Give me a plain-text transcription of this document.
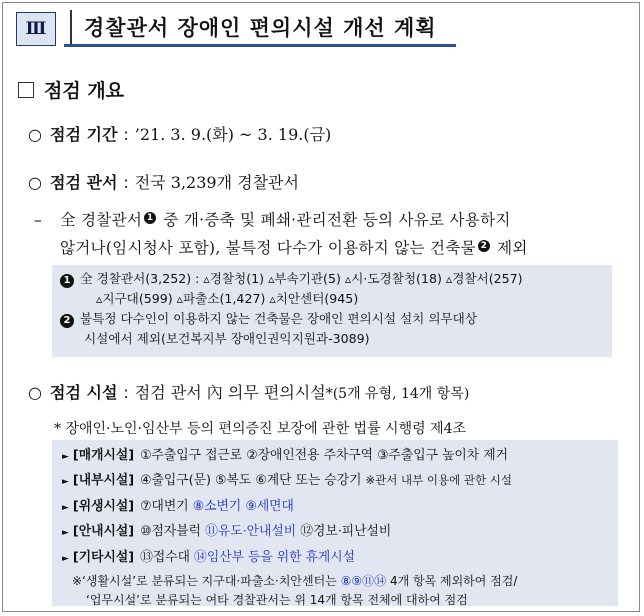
Ⅲ 경찰관서 장애인 편의시설 개선 계획
점검 개요
○ 점검 기간 : ’21. 3. 9.(화) ~ 3. 19.(금)
○ 점검 관서 : 전국 3,239개 경찰관서
– 全 경찰관서 1 중 개·증축 및 폐쇄·관리전환 등의 사유로 사용하지
않거나(임시청사 포함), 불특정 다수가 이용하지 않는 건축물 2 제외
1 全 경찰관서(3,252) : ▵경찰청(1) ▵부속기관(5) ▵시·도경찰청(18) ▵경찰서(257)
▵지구대(599) ▵파출소(1,427) ▵치안센터(945)
2 불특정 다수인이 이용하지 않는 건축물은 장애인 편의시설 설치 의무대상
시설에서 제외(보건복지부 장애인권익지원과-3089)
○ 점검 시설 : 점검 관서 內 의무 편의시설*(5개 유형, 14개 항목)
* 장애인·노인·임산부 등의 편의증진 보장에 관한 법률 시행령 제4조
► [매개시설] ①주출입구 접근로 ②장애인전용 주차구역 ③주출입구 높이차 제거
► [내부시설] ④출입구(문) ⑤복도 ⑥계단 또는 승강기 ※관서 내부 이용에 관한 시설
► [위생시설] ⑦대변기 ⑧소변기 ⑨세면대
► [안내시설] ⑩점자블럭 ⑪유도·안내설비 ⑫경보·피난설비
► [기타시설] ⑬접수대 ⑭임산부 등을 위한 휴게시설
※‘생활시설’로 분류되는 지구대·파출소·치안센터는 ⑧⑨⑪⑭ 4개 항목 제외하여 점검/
‘업무시설’로 분류되는 여타 경찰관서는 위 14개 항목 전체에 대하여 점검
